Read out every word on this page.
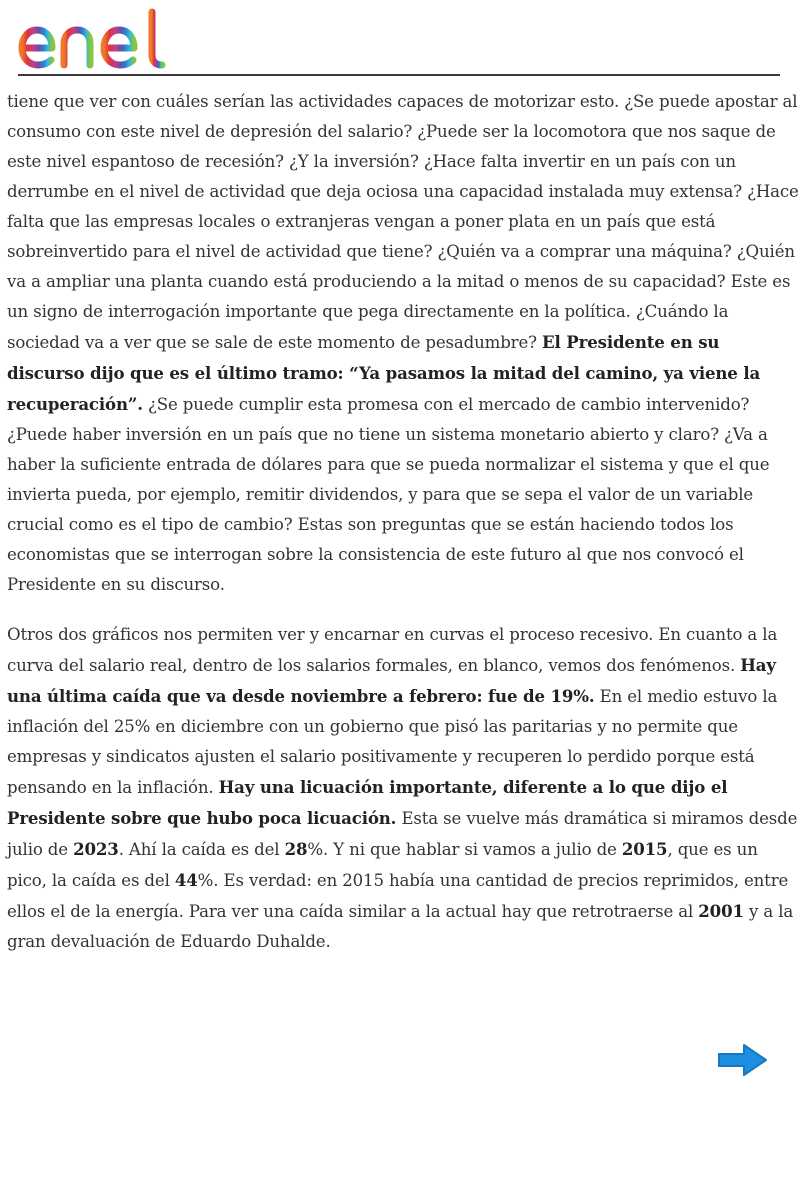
tiene que ver con cuáles serían las actividades capaces de motorizar esto. ¿Se puede apostar al consumo con este nivel de depresión del salario? ¿Puede ser la locomotora que nos saque de este nivel espantoso de recesión? ¿Y la inversión? ¿Hace falta invertir en un país con un derrumbe en el nivel de actividad que deja ociosa una capacidad instalada muy extensa? ¿Hace falta que las empresas locales o extranjeras vengan a poner plata en un país que está sobreinvertido para el nivel de actividad que tiene? ¿Quién va a comprar una máquina? ¿Quién va a ampliar una planta cuando está produciendo a la mitad o menos de su capacidad? Este es un signo de interrogación importante que pega directamente en la política. ¿Cuándo la sociedad va a ver que se sale de este momento de pesadumbre? El Presidente en su discurso dijo que es el último tramo: “Ya pasamos la mitad del camino, ya viene la recuperación”. ¿Se puede cumplir esta promesa con el mercado de cambio intervenido? ¿Puede haber inversión en un país que no tiene un sistema monetario abierto y claro? ¿Va a haber la suficiente entrada de dólares para que se pueda normalizar el sistema y que el que invierta pueda, por ejemplo, remitir dividendos, y para que se sepa el valor de un variable crucial como es el tipo de cambio? Estas son preguntas que se están haciendo todos los economistas que se interrogan sobre la consistencia de este futuro al que nos convocó el Presidente en su discurso.

Otros dos gráficos nos permiten ver y encarnar en curvas el proceso recesivo. En cuanto a la curva del salario real, dentro de los salarios formales, en blanco, vemos dos fenómenos. Hay una última caída que va desde noviembre a febrero: fue de 19%. En el medio estuvo la inflación del 25% en diciembre con un gobierno que pisó las paritarias y no permite que empresas y sindicatos ajusten el salario positivamente y recuperen lo perdido porque está pensando en la inflación. Hay una licuación importante, diferente a lo que dijo el Presidente sobre que hubo poca licuación. Esta se vuelve más dramática si miramos desde julio de 2023. Ahí la caída es del 28%. Y ni que hablar si vamos a julio de 2015, que es un pico, la caída es del 44%. Es verdad: en 2015 había una cantidad de precios reprimidos, entre ellos el de la energía. Para ver una caída similar a la actual hay que retrotraerse al 2001 y a la gran devaluación de Eduardo Duhalde.
